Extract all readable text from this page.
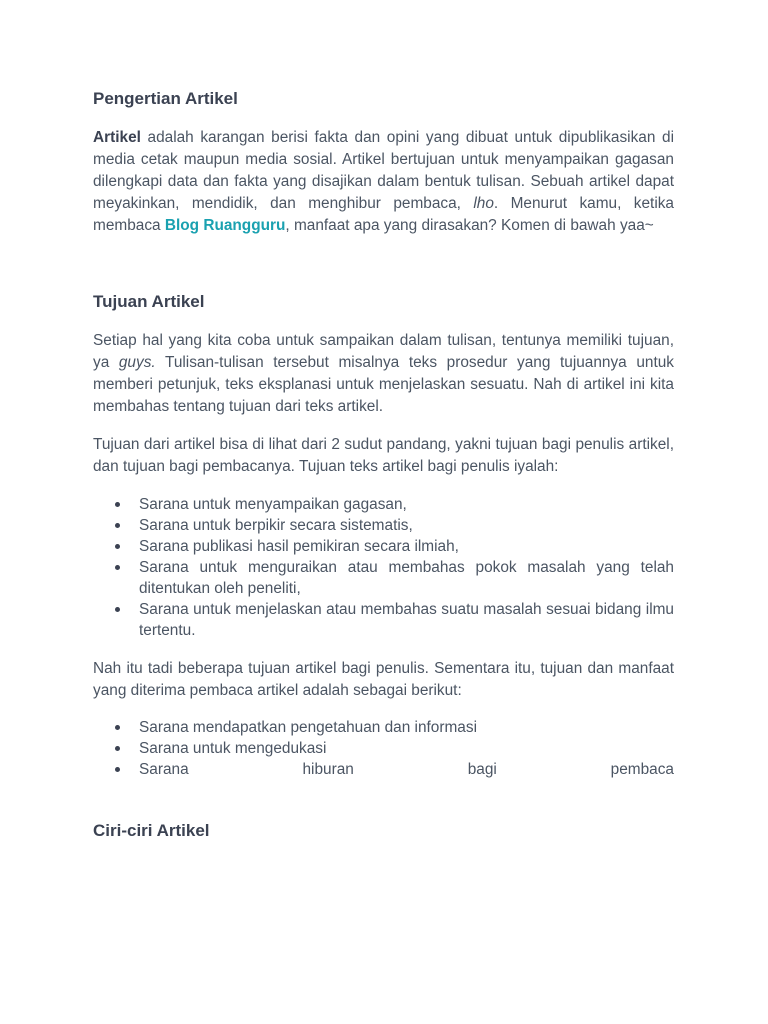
Pengertian Artikel

Artikel adalah karangan berisi fakta dan opini yang dibuat untuk dipublikasikan di media cetak maupun media sosial. Artikel bertujuan untuk menyampaikan gagasan dilengkapi data dan fakta yang disajikan dalam bentuk tulisan. Sebuah artikel dapat meyakinkan, mendidik, dan menghibur pembaca, lho. Menurut kamu, ketika membaca Blog Ruangguru, manfaat apa yang dirasakan? Komen di bawah yaa~

Tujuan Artikel

Setiap hal yang kita coba untuk sampaikan dalam tulisan, tentunya memiliki tujuan, ya guys. Tulisan-tulisan tersebut misalnya teks prosedur yang tujuannya untuk memberi petunjuk, teks eksplanasi untuk menjelaskan sesuatu. Nah di artikel ini kita membahas tentang tujuan dari teks artikel.

Tujuan dari artikel bisa di lihat dari 2 sudut pandang, yakni tujuan bagi penulis artikel, dan tujuan bagi pembacanya. Tujuan teks artikel bagi penulis iyalah:

Sarana untuk menyampaikan gagasan,
Sarana untuk berpikir secara sistematis,
Sarana publikasi hasil pemikiran secara ilmiah,
Sarana untuk menguraikan atau membahas pokok masalah yang telah ditentukan oleh peneliti,
Sarana untuk menjelaskan atau membahas suatu masalah sesuai bidang ilmu tertentu.

Nah itu tadi beberapa tujuan artikel bagi penulis. Sementara itu, tujuan dan manfaat yang diterima pembaca artikel adalah sebagai berikut:

Sarana mendapatkan pengetahuan dan informasi
Sarana untuk mengedukasi
Sarana hiburan bagi pembaca
Ciri-ciri Artikel
